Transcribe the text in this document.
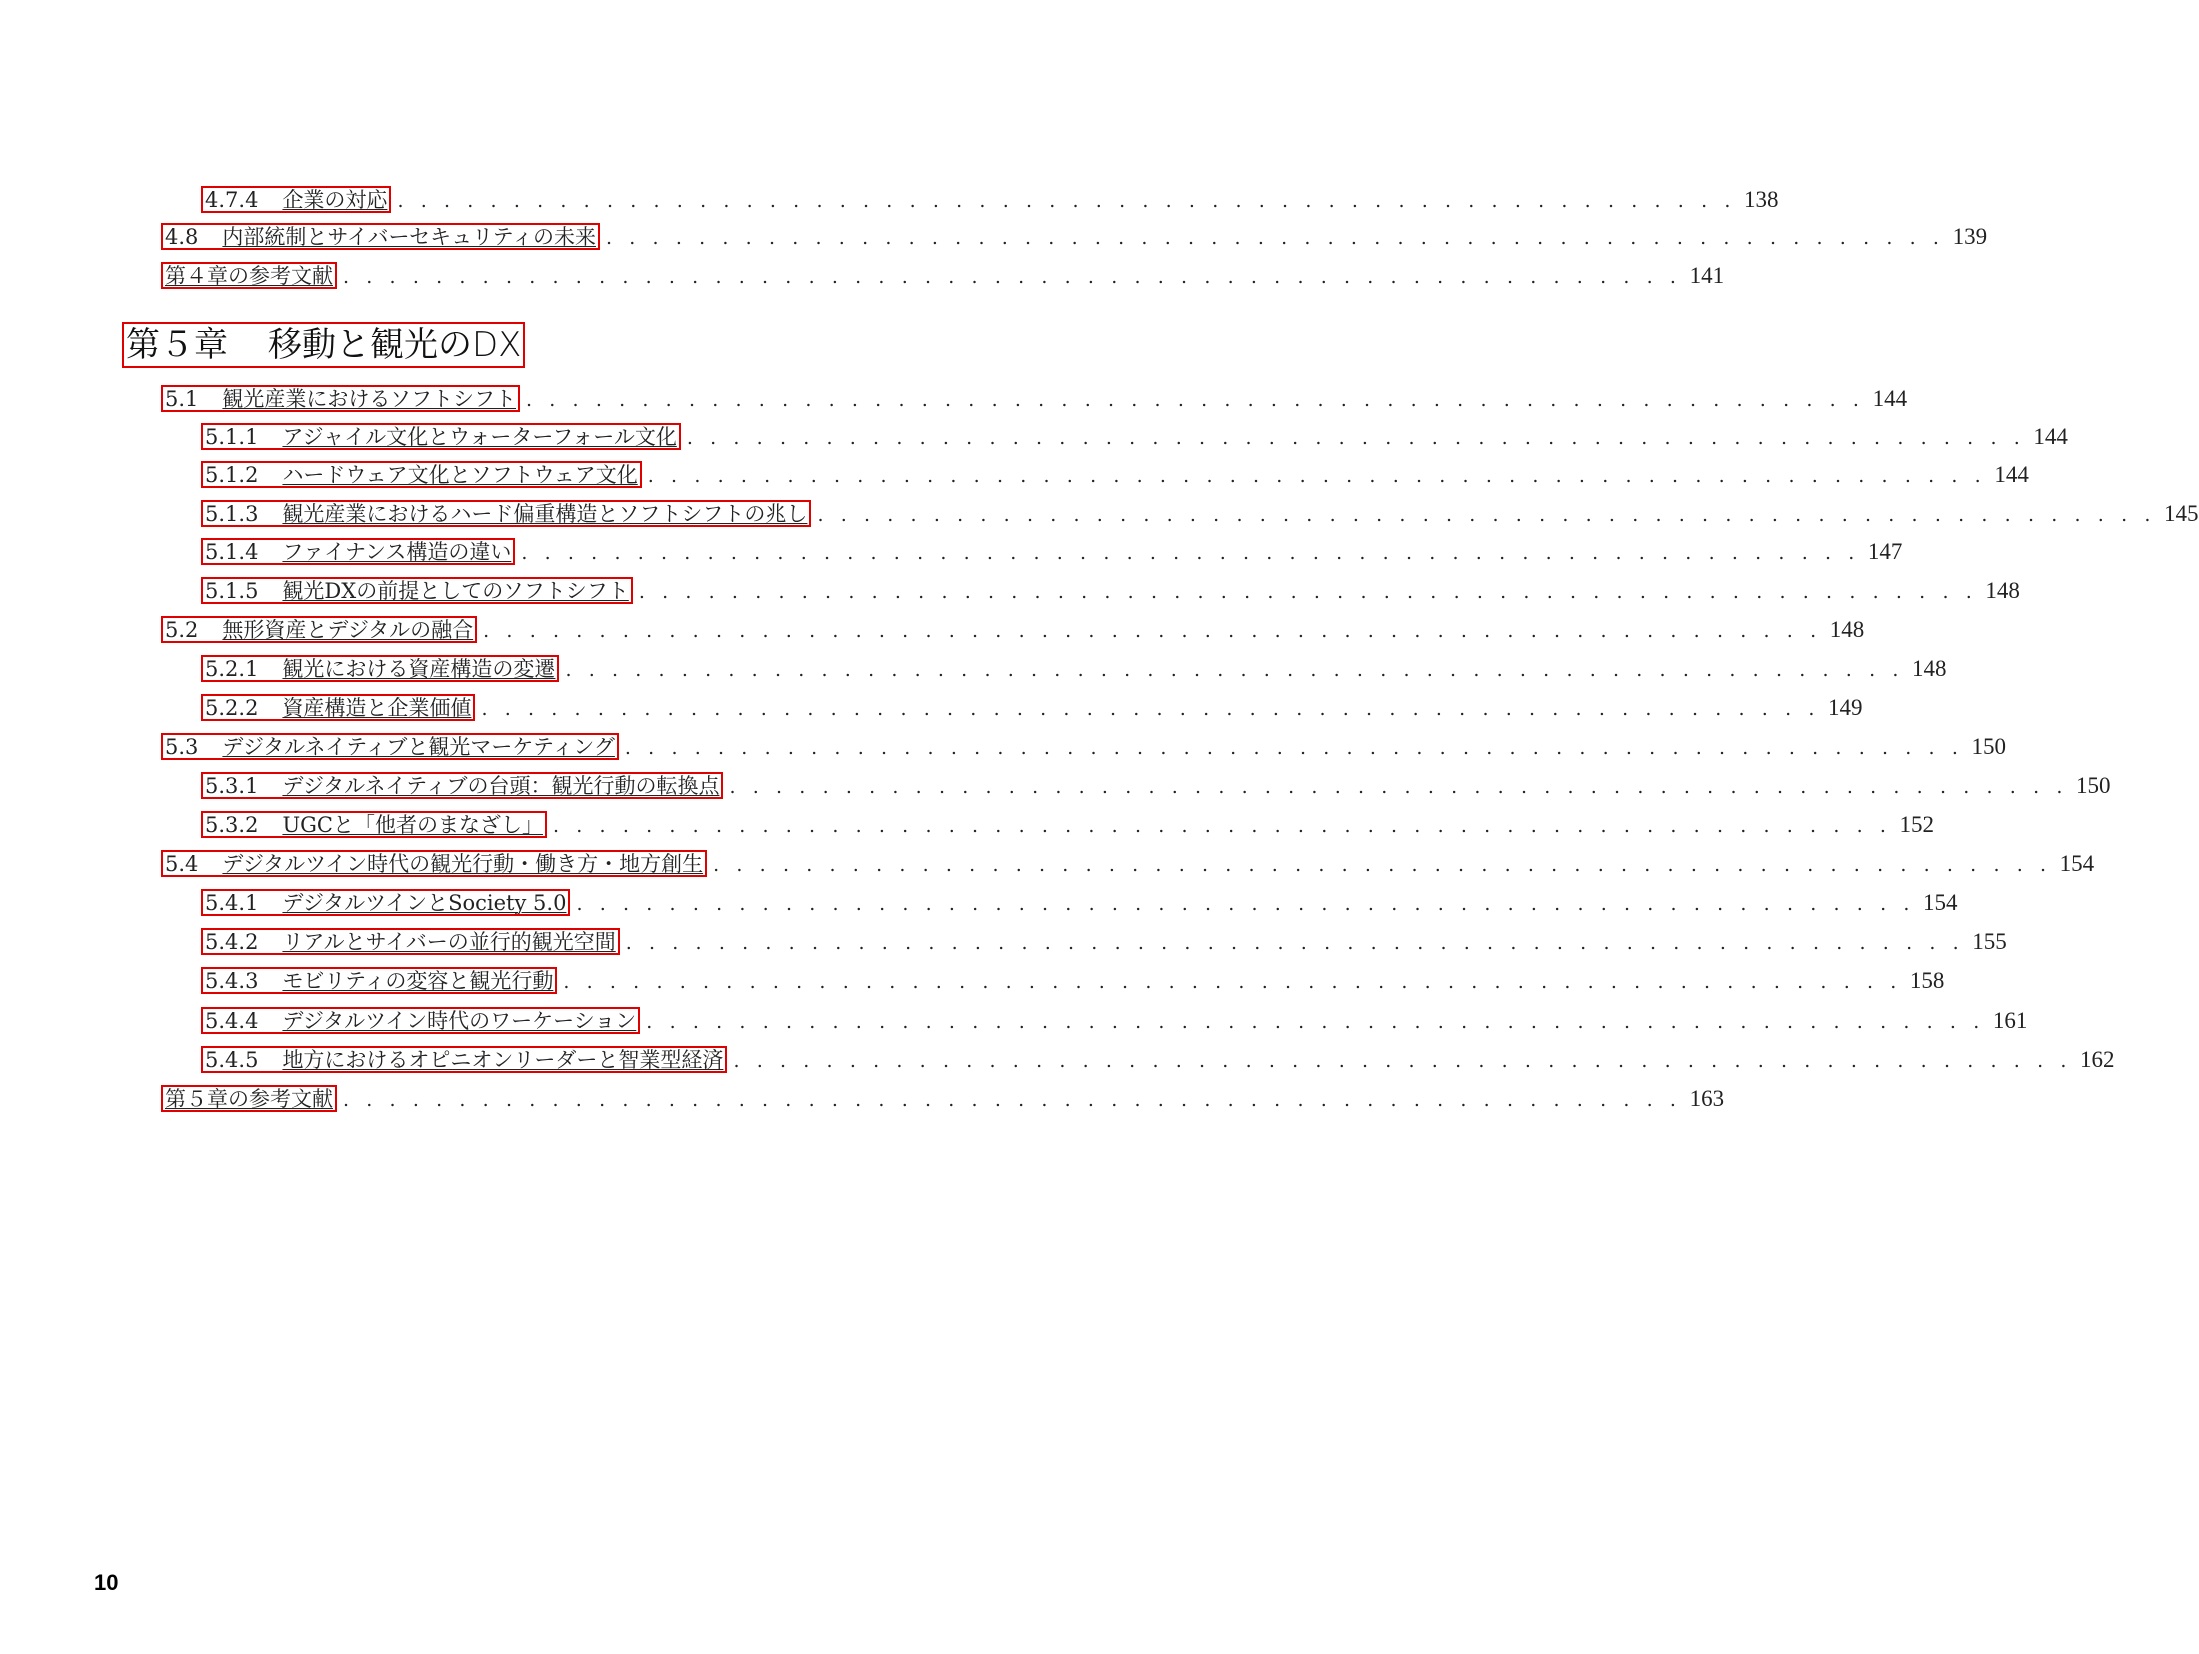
4.7.4 企業の対応 . . . . . . . . . . . . . . . . . . . . . . . . . . . . . . . . . . . . . . . . . . . . . . . . . . . . . . . . . . 138
4.8 内部統制とサイバーセキュリティの未来 . . . . . . . . . . . . . . . . . . . . . . . . . . . . . . . . . . . . . . . . . . . . . . . . . . . . . . . . . . 139
第４章の参考文献 . . . . . . . . . . . . . . . . . . . . . . . . . . . . . . . . . . . . . . . . . . . . . . . . . . . . . . . . . . 141
第５章 移動と観光のDX
5.1 観光産業におけるソフトシフト . . . . . . . . . . . . . . . . . . . . . . . . . . . . . . . . . . . . . . . . . . . . . . . . . . . . . . . . . . 144
5.1.1 アジャイル文化とウォーターフォール文化 . . . . . . . . . . . . . . . . . . . . . . . . . . . . . . . . . . . . . . . . . . . . . . . . . . . . . . . . . . 144
5.1.2 ハードウェア文化とソフトウェア文化 . . . . . . . . . . . . . . . . . . . . . . . . . . . . . . . . . . . . . . . . . . . . . . . . . . . . . . . . . . 144
5.1.3 観光産業におけるハード偏重構造とソフトシフトの兆し . . . . . . . . . . . . . . . . . . . . . . . . . . . . . . . . . . . . . . . . . . . . . . . . . . . . . . . . . . 145
5.1.4 ファイナンス構造の違い . . . . . . . . . . . . . . . . . . . . . . . . . . . . . . . . . . . . . . . . . . . . . . . . . . . . . . . . . . 147
5.1.5 観光DXの前提としてのソフトシフト . . . . . . . . . . . . . . . . . . . . . . . . . . . . . . . . . . . . . . . . . . . . . . . . . . . . . . . . . . 148
5.2 無形資産とデジタルの融合 . . . . . . . . . . . . . . . . . . . . . . . . . . . . . . . . . . . . . . . . . . . . . . . . . . . . . . . . . . 148
5.2.1 観光における資産構造の変遷 . . . . . . . . . . . . . . . . . . . . . . . . . . . . . . . . . . . . . . . . . . . . . . . . . . . . . . . . . . 148
5.2.2 資産構造と企業価値 . . . . . . . . . . . . . . . . . . . . . . . . . . . . . . . . . . . . . . . . . . . . . . . . . . . . . . . . . . 149
5.3 デジタルネイティブと観光マーケティング . . . . . . . . . . . . . . . . . . . . . . . . . . . . . . . . . . . . . . . . . . . . . . . . . . . . . . . . . . 150
5.3.1 デジタルネイティブの台頭：観光行動の転換点 . . . . . . . . . . . . . . . . . . . . . . . . . . . . . . . . . . . . . . . . . . . . . . . . . . . . . . . . . . 150
5.3.2 UGCと「他者のまなざし」 . . . . . . . . . . . . . . . . . . . . . . . . . . . . . . . . . . . . . . . . . . . . . . . . . . . . . . . . . . 152
5.4 デジタルツイン時代の観光行動・働き方・地方創生 . . . . . . . . . . . . . . . . . . . . . . . . . . . . . . . . . . . . . . . . . . . . . . . . . . . . . . . . . . 154
5.4.1 デジタルツインとSociety 5.0 . . . . . . . . . . . . . . . . . . . . . . . . . . . . . . . . . . . . . . . . . . . . . . . . . . . . . . . . . . 154
5.4.2 リアルとサイバーの並行的観光空間 . . . . . . . . . . . . . . . . . . . . . . . . . . . . . . . . . . . . . . . . . . . . . . . . . . . . . . . . . . 155
5.4.3 モビリティの変容と観光行動 . . . . . . . . . . . . . . . . . . . . . . . . . . . . . . . . . . . . . . . . . . . . . . . . . . . . . . . . . . 158
5.4.4 デジタルツイン時代のワーケーション . . . . . . . . . . . . . . . . . . . . . . . . . . . . . . . . . . . . . . . . . . . . . . . . . . . . . . . . . . 161
5.4.5 地方におけるオピニオンリーダーと智業型経済 . . . . . . . . . . . . . . . . . . . . . . . . . . . . . . . . . . . . . . . . . . . . . . . . . . . . . . . . . . 162
第５章の参考文献 . . . . . . . . . . . . . . . . . . . . . . . . . . . . . . . . . . . . . . . . . . . . . . . . . . . . . . . . . . 163
10
